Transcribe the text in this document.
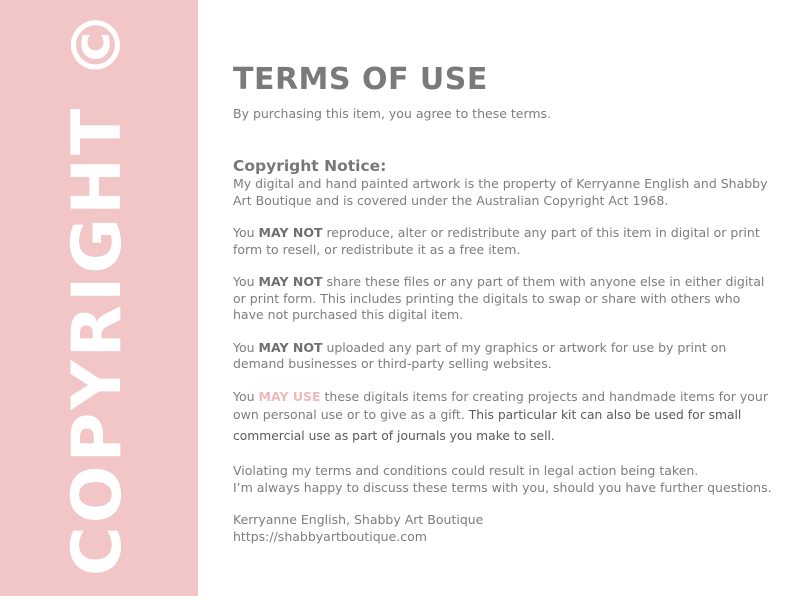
COPYRIGHT ©	TERMS OF USE

By purchasing this item, you agree to these terms.

Copyright Notice:

My digital and hand painted artwork is the property of Kerryanne English and Shabby Art Boutique and is covered under the Australian Copyright Act 1968.

You MAY NOT reproduce, alter or redistribute any part of this item in digital or print form to resell, or redistribute it as a free item.

You MAY NOT share these files or any part of them with anyone else in either digital or print form. This includes printing the digitals to swap or share with others who have not purchased this digital item.

You MAY NOT uploaded any part of my graphics or artwork for use by print on demand businesses or third-party selling websites.

You MAY USE these digitals items for creating projects and handmade items for your own personal use or to give as a gift. This particular kit can also be used for small commercial use as part of journals you make to sell.

Violating my terms and conditions could result in legal action being taken.
I’m always happy to discuss these terms with you, should you have further questions.

Kerryanne English, Shabby Art Boutique
https://shabbyartboutique.com
